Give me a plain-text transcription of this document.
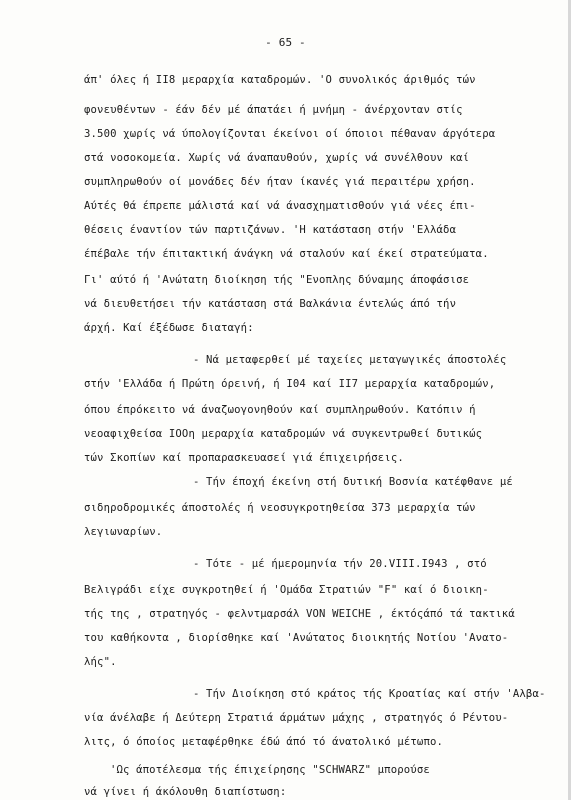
- 65 -
άπ' όλες ή ΙΙ8 μεραρχία καταδρομών. 'Ο συνολικός άριθμός τών
φονευθέντων - έάν δέν μέ άπατάει ή μνήμη - άνέρχονταν στίς
3.500 χωρίς νά ύπολογίζονται έκείνοι οί όποιοι πέθαναν άργότερα
στά νοσοκομεία. Χωρίς νά άναπαυθούν, χωρίς νά συνέλθουν καί
συμπληρωθούν οί μονάδες δέν ήταν ίκανές γιά περαιτέρω χρήση.
Αύτές θά έπρεπε μάλιστά καί νά άνασχηματισθούν γιά νέες έπι-
θέσεις έναντίον τών παρτιζάνων. 'Η κατάσταση στήν 'Ελλάδα
έπέβαλε τήν έπιτακτική άνάγκη νά σταλούν καί έκεί στρατεύματα.
Γι' αύτό ή 'Ανώτατη διοίκηση τής "Ενοπλης δύναμης άποφάσισε
νά διευθετήσει τήν κατάσταση στά Βαλκάνια έντελώς άπό τήν
άρχή. Καί έξέδωσε διαταγή:
- Νά μεταφερθεί μέ ταχείες μεταγωγικές άποστολές
στήν 'Ελλάδα ή Πρώτη όρεινή, ή Ι04 καί ΙΙ7 μεραρχία καταδρομών,
όπου έπρόκειτο νά άναζωογονηθούν καί συμπληρωθούν. Κατόπιν ή
νεοαφιχθείσα ΙΟΟη μεραρχία καταδρομών νά συγκεντρωθεί δυτικώς
τών Σκοπίων καί προπαρασκευασεί γιά έπιχειρήσεις.
- Τήν έποχή έκείνη στή δυτική Βοσνία κατέφθανε μέ
σιδηροδρομικές άποστολές ή νεοσυγκροτηθείσα 373 μεραρχία τών
λεγιωναρίων.
- Τότε - μέ ήμερομηνία τήν 20.VIII.I943 , στό
Βελιγράδι είχε συγκροτηθεί ή 'Ομάδα Στρατιών "F" καί ό διοικη-
τής της , στρατηγός - φελντμαρσάλ VON WEICHE , έκτόςάπό τά τακτικά
του καθήκοντα , διορίσθηκε καί 'Ανώτατος διοικητής Νοτίου 'Ανατο-
λής".
- Τήν Διοίκηση στό κράτος τής Κροατίας καί στήν 'Αλβα-
νία άνέλαβε ή Δεύτερη Στρατιά άρμάτων μάχης , στρατηγός ό Ρέντου-
λιτς, ό όποίος μεταφέρθηκε έδώ άπό τό άνατολικό μέτωπο.
'Ως άποτέλεσμα τής έπιχείρησης "SCHWARZ" μπορούσε
νά γίνει ή άκόλουθη διαπίστωση:
